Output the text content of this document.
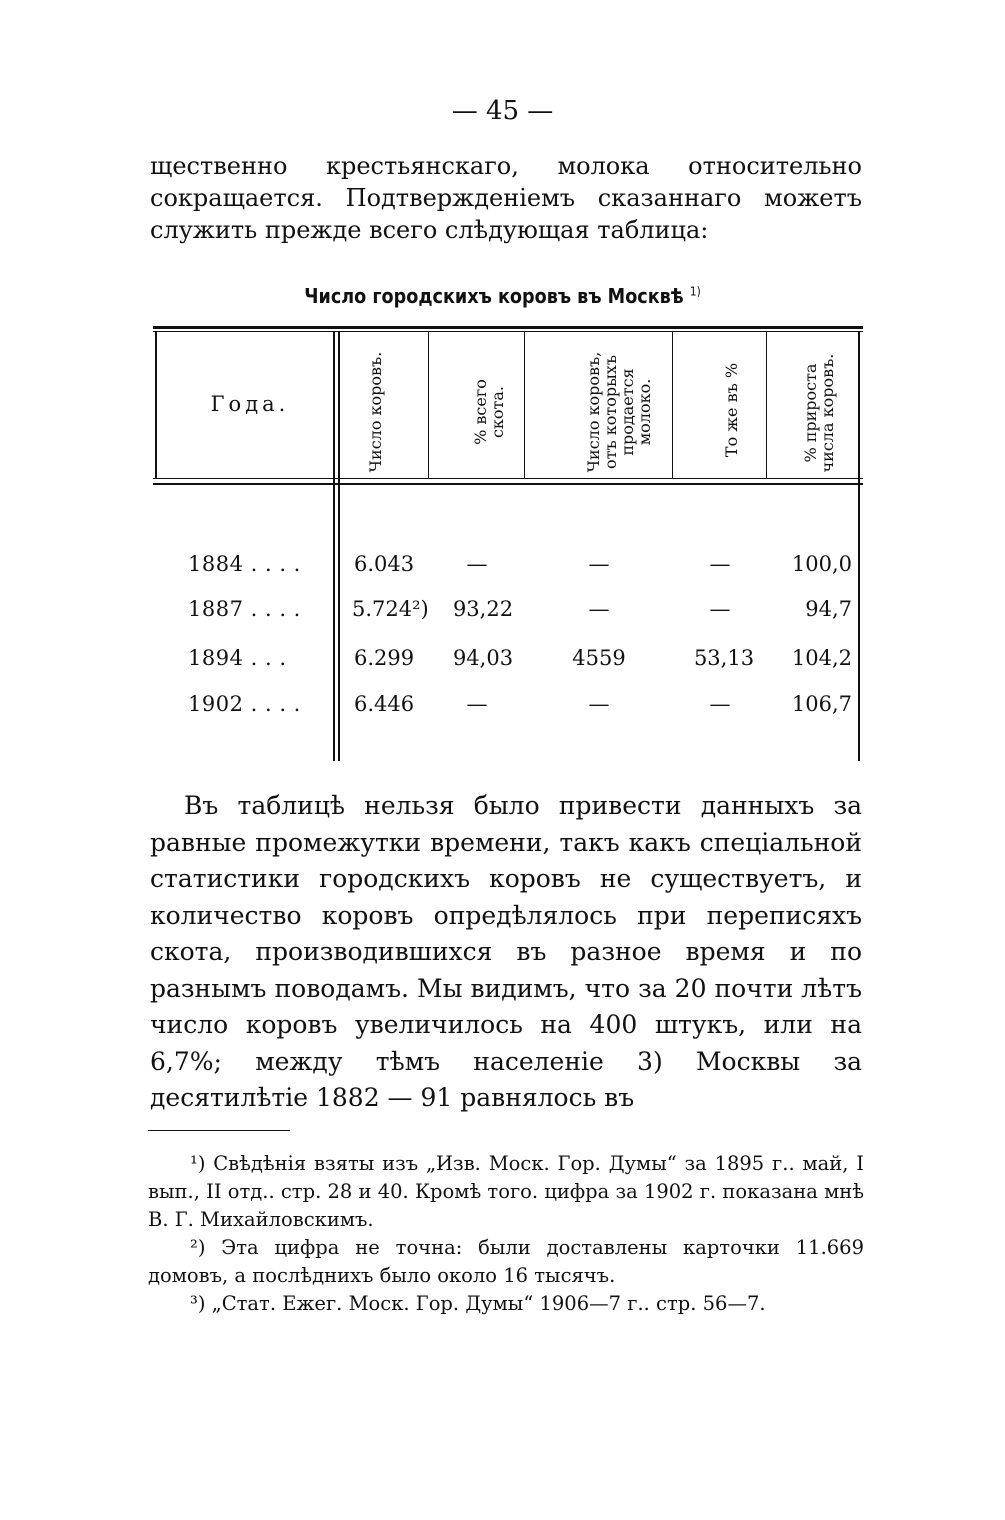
— 45 —

щественно крестьянскаго, молока относительно сокращается. Подтвержденіемъ сказаннаго можетъ служить прежде всего слѣдующая таблица:

Число городскихъ коровъ въ Москвѣ $^{1)}$
Года.	Число коровъ.	% всего скота.	Число коровъ, отъ которыхъ продается молоко.	То же въ %	% прироста числа коровъ.

1884 . . . .	6.043	—	—	—	100,0
1887 . . . .	5.724²)	93,22	—	—	94,7
1894 . . .	6.299	94,03	4559	53,13	104,2
1902 . . . .	6.446	—	—	—	106,7

Въ таблицѣ нельзя было привести данныхъ за равные промежутки времени, такъ какъ спеціальной статистики городскихъ коровъ не существуетъ, и количество коровъ опредѣлялось при переписяхъ скота, производившихся въ разное время и по разнымъ поводамъ. Мы видимъ, что за 20 почти лѣтъ число коровъ увеличилось на 400 штукъ, или на 6,7%; между тѣмъ населеніе 3) Москвы за десятилѣтіе 1882 — 91 равнялось въ

¹) Свѣдѣнія взяты изъ „Изв. Моск. Гор. Думы“ за 1895 г.. май, I вып., II отд.. стр. 28 и 40. Кромѣ того. цифра за 1902 г. показана мнѣ В. Г. Михайловскимъ.

²) Эта цифра не точна: были доставлены карточки 11.669 домовъ, а послѣднихъ было около 16 тысячъ.

³) „Стат. Ежег. Моск. Гор. Думы“ 1906—7 г.. стр. 56—7.
